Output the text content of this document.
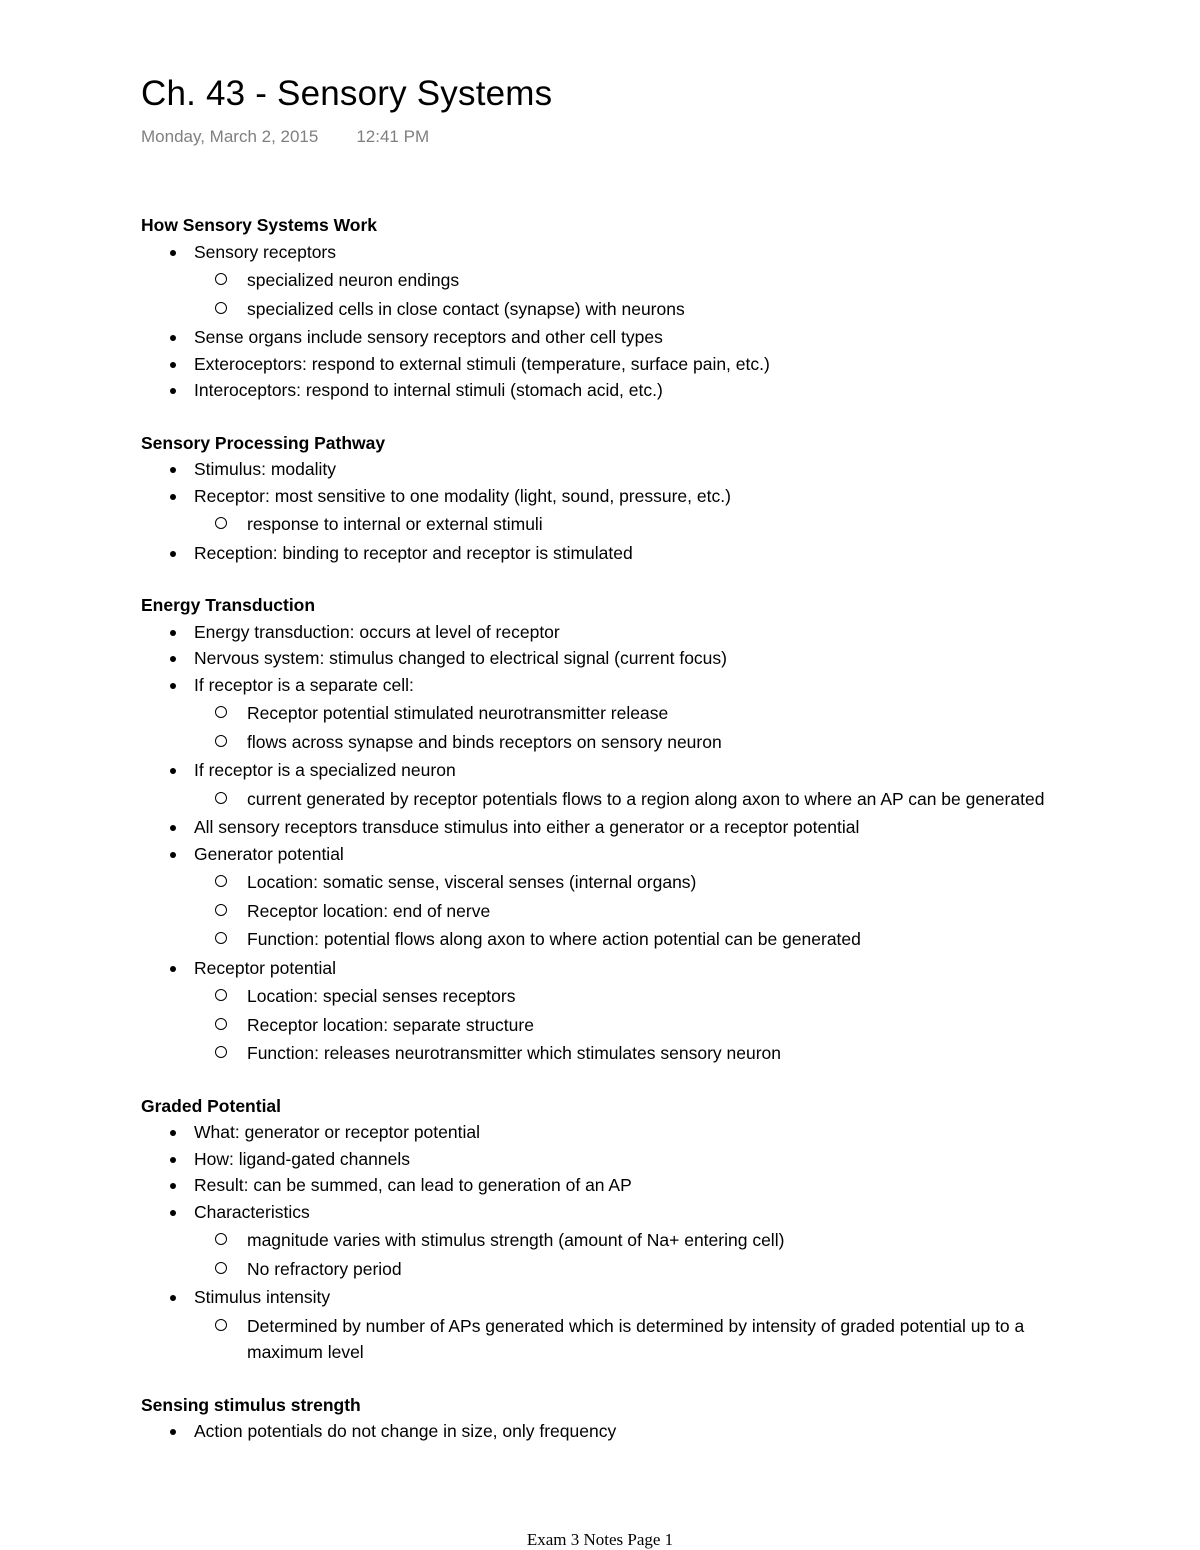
Ch. 43 - Sensory Systems
Monday, March 2, 2015 12:41 PM
How Sensory Systems Work
Sensory receptors
specialized neuron endings
specialized cells in close contact (synapse) with neurons
Sense organs include sensory receptors and other cell types
Exteroceptors: respond to external stimuli (temperature, surface pain, etc.)
Interoceptors: respond to internal stimuli (stomach acid, etc.)
Sensory Processing Pathway
Stimulus: modality
Receptor: most sensitive to one modality (light, sound, pressure, etc.)
response to internal or external stimuli
Reception: binding to receptor and receptor is stimulated
Energy Transduction
Energy transduction: occurs at level of receptor
Nervous system: stimulus changed to electrical signal (current focus)
If receptor is a separate cell:
Receptor potential stimulated neurotransmitter release
flows across synapse and binds receptors on sensory neuron
If receptor is a specialized neuron
current generated by receptor potentials flows to a region along axon to where an AP can be generated
All sensory receptors transduce stimulus into either a generator or a receptor potential
Generator potential
Location: somatic sense, visceral senses (internal organs)
Receptor location: end of nerve
Function: potential flows along axon to where action potential can be generated
Receptor potential
Location: special senses receptors
Receptor location: separate structure
Function: releases neurotransmitter which stimulates sensory neuron
Graded Potential
What: generator or receptor potential
How: ligand-gated channels
Result: can be summed, can lead to generation of an AP
Characteristics
magnitude varies with stimulus strength (amount of Na+ entering cell)
No refractory period
Stimulus intensity
Determined by number of APs generated which is determined by intensity of graded potential up to a maximum level
Sensing stimulus strength
Action potentials do not change in size, only frequency
Exam 3 Notes Page 1
